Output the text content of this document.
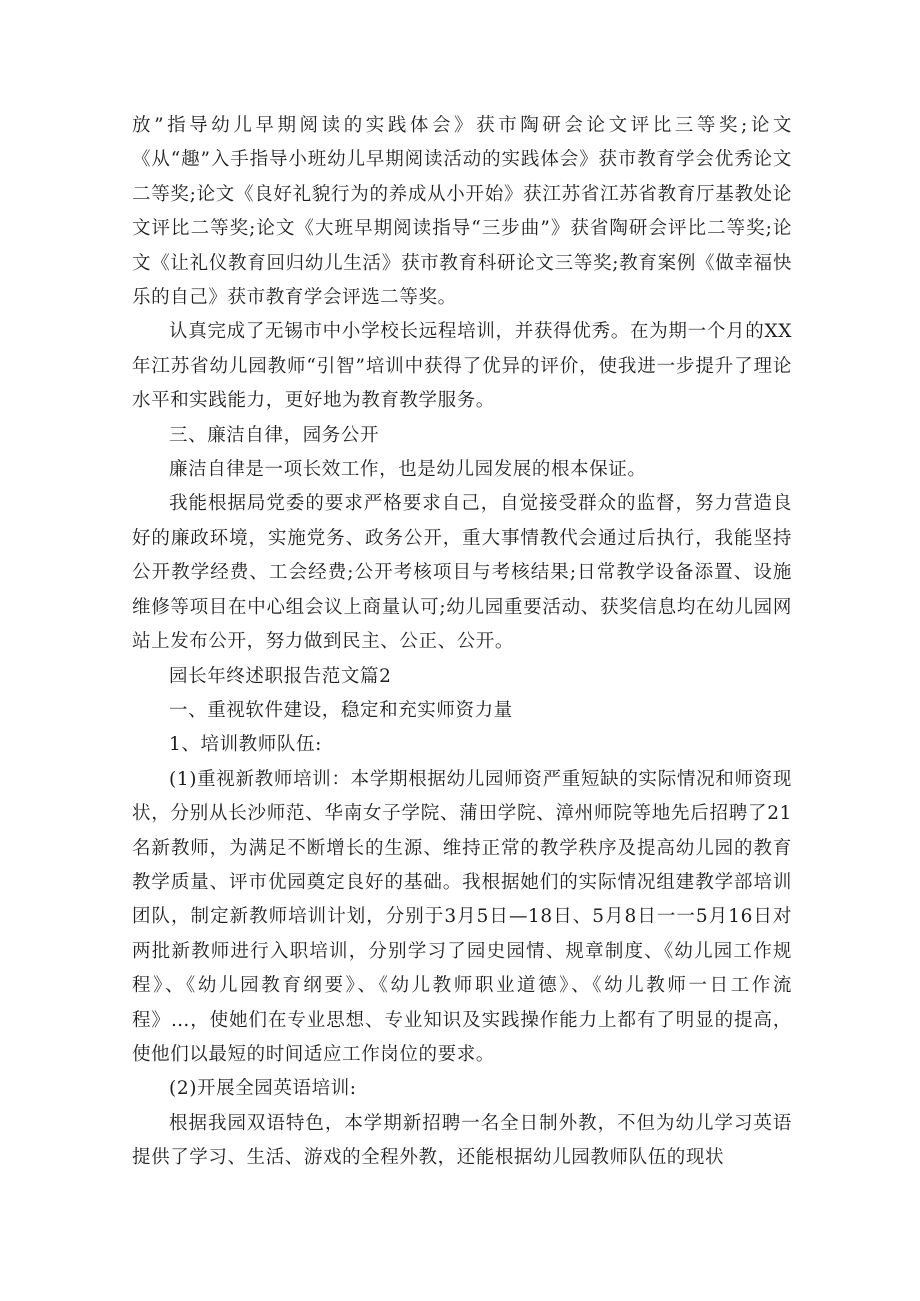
放”指导幼儿早期阅读的实践体会》获市陶研会论文评比三等奖;论文《从“趣”入手指导小班幼儿早期阅读活动的实践体会》获市教育学会优秀论文二等奖;论文《良好礼貌行为的养成从小开始》获江苏省江苏省教育厅基教处论文评比二等奖;论文《大班早期阅读指导“三步曲”》获省陶研会评比二等奖;论文《让礼仪教育回归幼儿生活》获市教育科研论文三等奖;教育案例《做幸福快乐的自己》获市教育学会评选二等奖。

认真完成了无锡市中小学校长远程培训，并获得优秀。在为期一个月的XX年江苏省幼儿园教师“引智”培训中获得了优异的评价，使我进一步提升了理论水平和实践能力，更好地为教育教学服务。

三、廉洁自律，园务公开

廉洁自律是一项长效工作，也是幼儿园发展的根本保证。

我能根据局党委的要求严格要求自己，自觉接受群众的监督，努力营造良好的廉政环境，实施党务、政务公开，重大事情教代会通过后执行，我能坚持公开教学经费、工会经费;公开考核项目与考核结果;日常教学设备添置、设施维修等项目在中心组会议上商量认可;幼儿园重要活动、获奖信息均在幼儿园网站上发布公开，努力做到民主、公正、公开。

园长年终述职报告范文篇2

一、重视软件建设，稳定和充实师资力量

1、培训教师队伍:

(1)重视新教师培训：本学期根据幼儿园师资严重短缺的实际情况和师资现状，分别从长沙师范、华南女子学院、蒲田学院、漳州师院等地先后招聘了21名新教师，为满足不断增长的生源、维持正常的教学秩序及提高幼儿园的教育教学质量、评市优园奠定良好的基础。我根据她们的实际情况组建教学部培训团队，制定新教师培训计划，分别于3月5日—18日、5月8日一一5月16日对两批新教师进行入职培训，分别学习了园史园情、规章制度、《幼儿园工作规程》、《幼儿园教育纲要》、《幼儿教师职业道德》、《幼儿教师一日工作流程》…，使她们在专业思想、专业知识及实践操作能力上都有了明显的提高，使他们以最短的时间适应工作岗位的要求。

(2)开展全园英语培训:

根据我园双语特色，本学期新招聘一名全日制外教，不但为幼儿学习英语提供了学习、生活、游戏的全程外教，还能根据幼儿园教师队伍的现状
